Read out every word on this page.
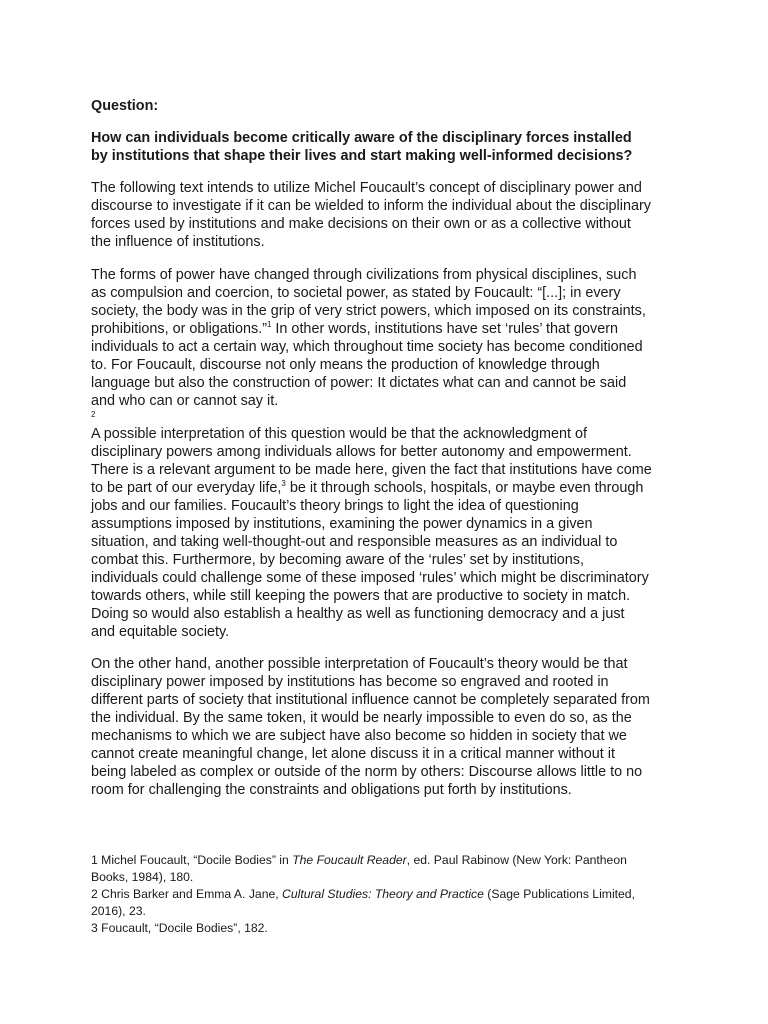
Question:
How can individuals become critically aware of the disciplinary forces installed
by institutions that shape their lives and start making well-informed decisions?

The following text intends to utilize Michel Foucault’s concept of disciplinary power and
discourse to investigate if it can be wielded to inform the individual about the disciplinary
forces used by institutions and make decisions on their own or as a collective without
the influence of institutions.

The forms of power have changed through civilizations from physical disciplines, such
as compulsion and coercion, to societal power, as stated by Foucault: “[...]; in every
society, the body was in the grip of very strict powers, which imposed on its constraints,
prohibitions, or obligations.”$^1$ In other words, institutions have set ‘rules’ that govern
individuals to act a certain way, which throughout time society has become conditioned
to. For Foucault, discourse not only means the production of knowledge through
language but also the construction of power: It dictates what can and cannot be said
and who can or cannot say it.
$^2$

A possible interpretation of this question would be that the acknowledgment of
disciplinary powers among individuals allows for better autonomy and empowerment.
There is a relevant argument to be made here, given the fact that institutions have come
to be part of our everyday life,$^3$ be it through schools, hospitals, or maybe even through
jobs and our families. Foucault’s theory brings to light the idea of questioning
assumptions imposed by institutions, examining the power dynamics in a given
situation, and taking well-thought-out and responsible measures as an individual to
combat this. Furthermore, by becoming aware of the ‘rules’ set by institutions,
individuals could challenge some of these imposed ‘rules’ which might be discriminatory
towards others, while still keeping the powers that are productive to society in match.
Doing so would also establish a healthy as well as functioning democracy and a just
and equitable society.

On the other hand, another possible interpretation of Foucault’s theory would be that
disciplinary power imposed by institutions has become so engraved and rooted in
different parts of society that institutional influence cannot be completely separated from
the individual. By the same token, it would be nearly impossible to even do so, as the
mechanisms to which we are subject have also become so hidden in society that we
cannot create meaningful change, let alone discuss it in a critical manner without it
being labeled as complex or outside of the norm by others: Discourse allows little to no
room for challenging the constraints and obligations put forth by institutions.

1 Michel Foucault, “Docile Bodies” in The Foucault Reader, ed. Paul Rabinow (New York: Pantheon
Books, 1984), 180.
2 Chris Barker and Emma A. Jane, Cultural Studies: Theory and Practice (Sage Publications Limited,
2016), 23.
3 Foucault, “Docile Bodies”, 182.
